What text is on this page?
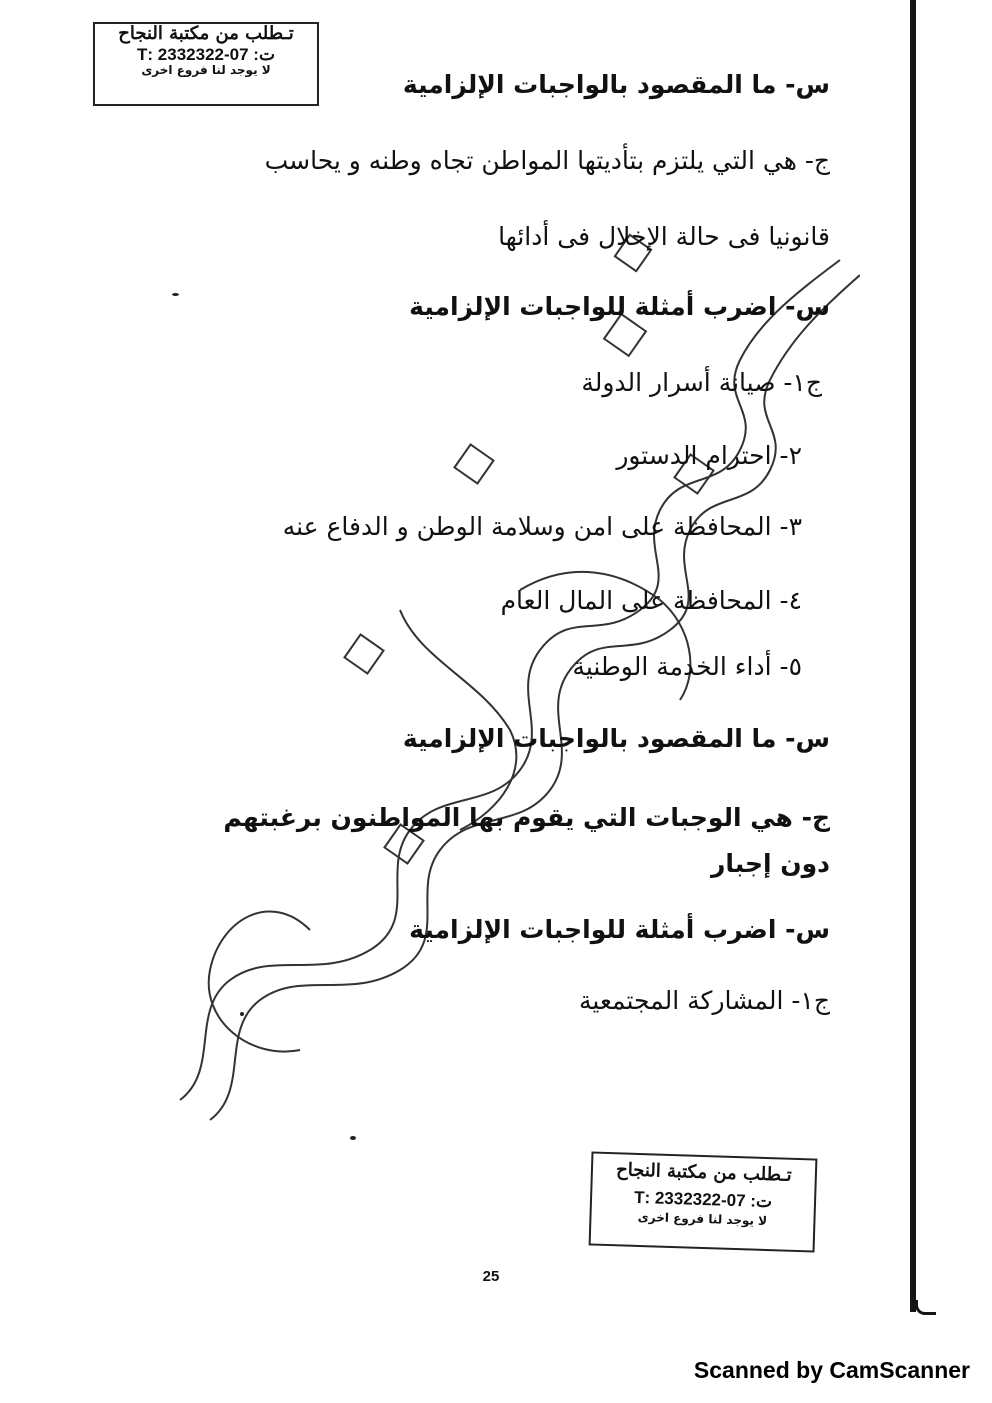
تـطلب من مكتبة النجاح
ت: 07-2332322 :T
لا يوجد لنا فروع اخرى	س- ما المقصود بالواجبات الإلزامية
ج- هي التي يلتزم بتأديتها المواطن تجاه وطنه و يحاسب
قانونيا فى حالة الإخلال فى أدائها
س- اضرب أمثلة للواجبات الإلزامية
ج١- صيانة أسرار الدولة
٢- احترام الدستور
٣- المحافظة على امن وسلامة الوطن و الدفاع عنه
٤- المحافظة على المال العام
٥- أداء الخدمة الوطنية
س- ما المقصود بالواجبات الإلزامية
ج- هي الوجبات التي يقوم بها المواطنون برغبتهم دون إجبار
س- اضرب أمثلة للواجبات الإلزامية
ج١- المشاركة المجتمعية
تـطلب من مكتبة النجاح
ت: 07-2332322 :T
لا يوجد لنا فروع اخرى
25
Scanned by CamScanner
